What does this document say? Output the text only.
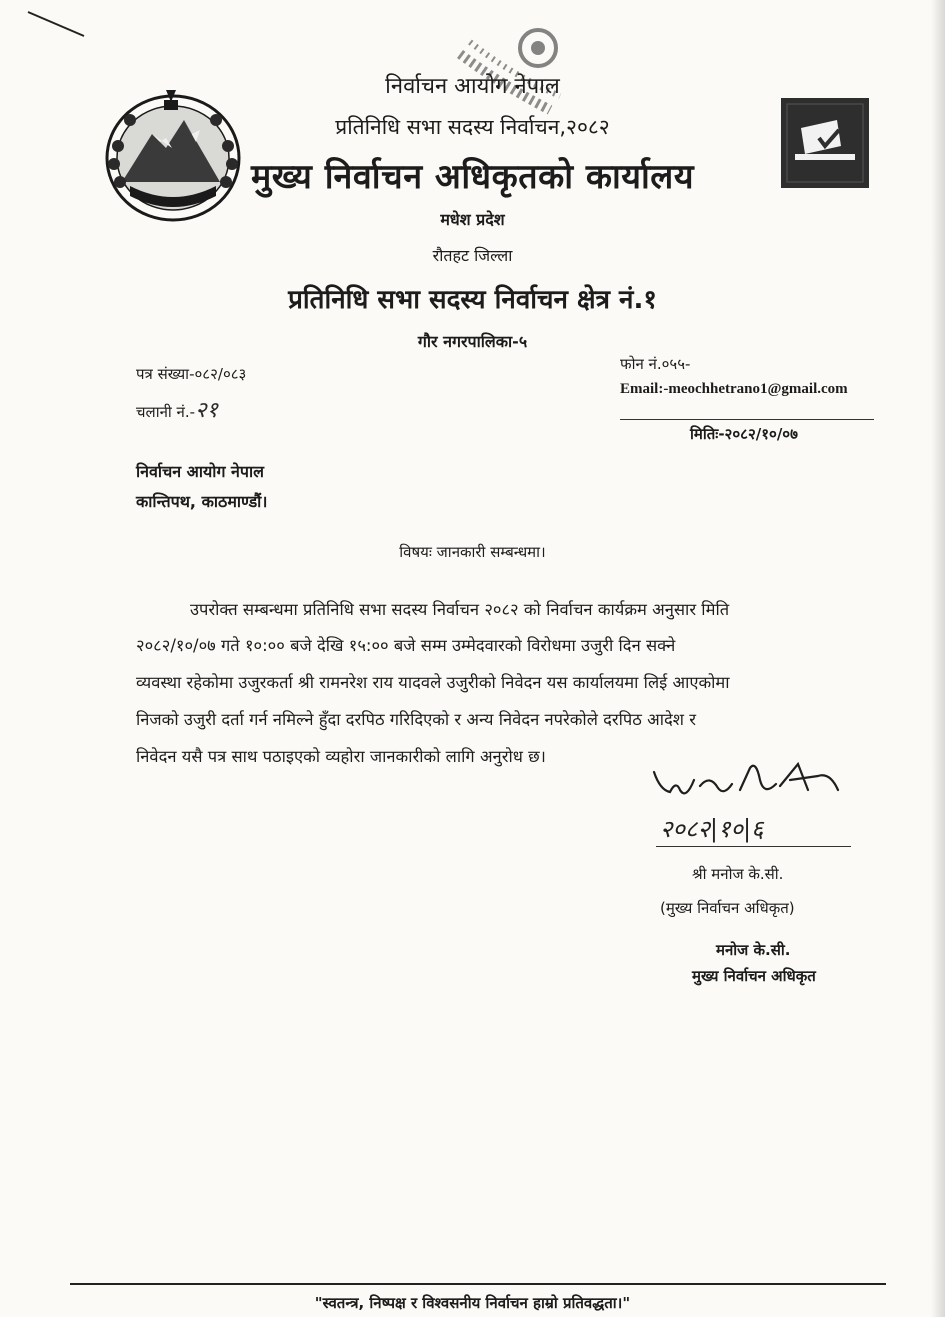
निर्वाचन आयोग नेपाल
प्रतिनिधि सभा सदस्य निर्वाचन,२०८२
मुख्य निर्वाचन अधिकृतको कार्यालय
मधेश प्रदेश
रौतहट जिल्ला
प्रतिनिधि सभा सदस्य निर्वाचन क्षेत्र नं.१
गौर नगरपालिका-५
पत्र संख्या-०८२/०८३
चलानी नं.-२१
फोन नं.०५५-
Email:-meochhetrano1@gmail.com
मितिः-२०८२/१०/०७
निर्वाचन आयोग नेपाल
कान्तिपथ, काठमाण्डौं।
विषयः जानकारी सम्बन्धमा।
उपरोक्त सम्बन्धमा प्रतिनिधि सभा सदस्य निर्वाचन २०८२ को निर्वाचन कार्यक्रम अनुसार मिति
२०८२/१०/०७ गते १०:०० बजे देखि १५:०० बजे सम्म उम्मेदवारको विरोधमा उजुरी दिन सक्ने
व्यवस्था रहेकोमा उजुरकर्ता श्री रामनरेश राय यादवले उजुरीको निवेदन यस कार्यालयमा लिई आएकोमा
निजको उजुरी दर्ता गर्न नमिल्ने हुँदा दरपिठ गरिदिएको र अन्य निवेदन नपरेकोले दरपिठ आदेश र
निवेदन यसै पत्र साथ पठाइएको व्यहोरा जानकारीको लागि अनुरोध छ।
२०८२|१०|६
श्री मनोज के.सी.
(मुख्य निर्वाचन अधिकृत)
मनोज के.सी.
मुख्य निर्वाचन अधिकृत
"स्वतन्त्र, निष्पक्ष र विश्वसनीय निर्वाचन हाम्रो प्रतिवद्धता।"
